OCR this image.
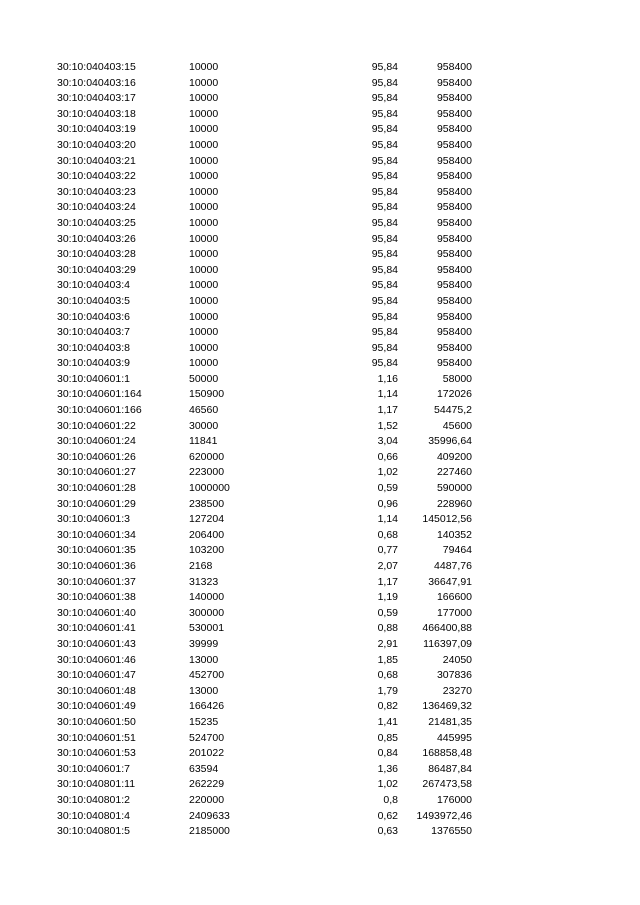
30:10:040403:15	10000	95,84	958400
30:10:040403:16	10000	95,84	958400
30:10:040403:17	10000	95,84	958400
30:10:040403:18	10000	95,84	958400
30:10:040403:19	10000	95,84	958400
30:10:040403:20	10000	95,84	958400
30:10:040403:21	10000	95,84	958400
30:10:040403:22	10000	95,84	958400
30:10:040403:23	10000	95,84	958400
30:10:040403:24	10000	95,84	958400
30:10:040403:25	10000	95,84	958400
30:10:040403:26	10000	95,84	958400
30:10:040403:28	10000	95,84	958400
30:10:040403:29	10000	95,84	958400
30:10:040403:4	10000	95,84	958400
30:10:040403:5	10000	95,84	958400
30:10:040403:6	10000	95,84	958400
30:10:040403:7	10000	95,84	958400
30:10:040403:8	10000	95,84	958400
30:10:040403:9	10000	95,84	958400
30:10:040601:1	50000	1,16	58000
30:10:040601:164	150900	1,14	172026
30:10:040601:166	46560	1,17	54475,2
30:10:040601:22	30000	1,52	45600
30:10:040601:24	11841	3,04	35996,64
30:10:040601:26	620000	0,66	409200
30:10:040601:27	223000	1,02	227460
30:10:040601:28	1000000	0,59	590000
30:10:040601:29	238500	0,96	228960
30:10:040601:3	127204	1,14	145012,56
30:10:040601:34	206400	0,68	140352
30:10:040601:35	103200	0,77	79464
30:10:040601:36	2168	2,07	4487,76
30:10:040601:37	31323	1,17	36647,91
30:10:040601:38	140000	1,19	166600
30:10:040601:40	300000	0,59	177000
30:10:040601:41	530001	0,88	466400,88
30:10:040601:43	39999	2,91	116397,09
30:10:040601:46	13000	1,85	24050
30:10:040601:47	452700	0,68	307836
30:10:040601:48	13000	1,79	23270
30:10:040601:49	166426	0,82	136469,32
30:10:040601:50	15235	1,41	21481,35
30:10:040601:51	524700	0,85	445995
30:10:040601:53	201022	0,84	168858,48
30:10:040601:7	63594	1,36	86487,84
30:10:040801:11	262229	1,02	267473,58
30:10:040801:2	220000	0,8	176000
30:10:040801:4	2409633	0,62	1493972,46
30:10:040801:5	2185000	0,63	1376550
